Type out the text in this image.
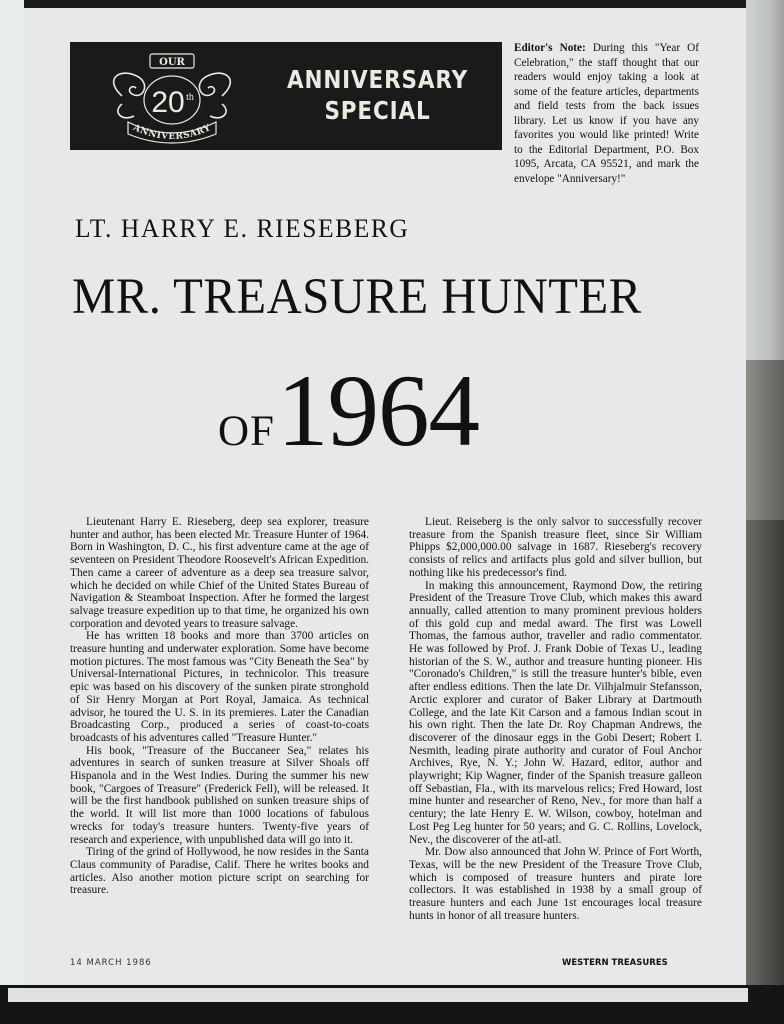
OUR
20 th
ANNIVERSARY
ANNIVERSARY
SPECIAL
Editor's Note: During this "Year Of Celebration," the staff thought that our readers would enjoy taking a look at some of the feature articles, departments and field tests from the back issues library. Let us know if you have any favorites you would like printed! Write to the Editorial Department, P.O. Box 1095, Arcata, CA 95521, and mark the envelope "Anniversary!"
LT. HARRY E. RIESEBERG
MR. TREASURE HUNTER
OF1964

Lieutenant Harry E. Rieseberg, deep sea explorer, treasure hunter and author, has been elected Mr. Treasure Hunter of 1964. Born in Washington, D. C., his first adventure came at the age of seventeen on President Theodore Roosevelt's African Expedition. Then came a career of adventure as a deep sea treasure salvor, which he decided on while Chief of the United States Bureau of Navigation & Steamboat Inspection. After he formed the largest salvage treasure expedition up to that time, he organized his own corporation and devoted years to treasure salvage.

He has written 18 books and more than 3700 articles on treasure hunting and underwater exploration. Some have become motion pictures. The most famous was "City Beneath the Sea" by Universal-International Pictures, in technicolor. This treasure epic was based on his discovery of the sunken pirate stronghold of Sir Henry Morgan at Port Royal, Jamaica. As technical advisor, he toured the U. S. in its premieres. Later the Canadian Broadcasting Corp., produced a series of coast-to-coats broadcasts of his adventures called "Treasure Hunter."

His book, "Treasure of the Buccaneer Sea," relates his adventures in search of sunken treasure at Silver Shoals off Hispanola and in the West Indies. During the summer his new book, "Cargoes of Treasure" (Frederick Fell), will be released. It will be the first handbook published on sunken treasure ships of the world. It will list more than 1000 locations of fabulous wrecks for today's treasure hunters. Twenty-five years of research and experience, with unpublished data will go into it.

Tiring of the grind of Hollywood, he now resides in the Santa Claus community of Paradise, Calif. There he writes books and articles. Also another motion picture script on searching for treasure.

Lieut. Reiseberg is the only salvor to successfully recover treasure from the Spanish treasure fleet, since Sir William Phipps $2,000,000.00 salvage in 1687. Rieseberg's recovery consists of relics and artifacts plus gold and silver bullion, but nothing like his predecessor's find.

In making this announcement, Raymond Dow, the retiring President of the Treasure Trove Club, which makes this award annually, called attention to many prominent previous holders of this gold cup and medal award. The first was Lowell Thomas, the famous author, traveller and radio commentator. He was followed by Prof. J. Frank Dobie of Texas U., leading historian of the S. W., author and treasure hunting pioneer. His "Coronado's Children," is still the treasure hunter's bible, even after endless editions. Then the late Dr. Vilhjalmuir Stefansson, Arctic explorer and curator of Baker Library at Dartmouth College, and the late Kit Carson and a famous Indian scout in his own right. Then the late Dr. Roy Chapman Andrews, the discoverer of the dinosaur eggs in the Gobi Desert; Robert I. Nesmith, leading pirate authority and curator of Foul Anchor Archives, Rye, N. Y.; John W. Hazard, editor, author and playwright; Kip Wagner, finder of the Spanish treasure galleon off Sebastian, Fla., with its marvelous relics; Fred Howard, lost mine hunter and researcher of Reno, Nev., for more than half a century; the late Henry E. W. Wilson, cowboy, hotelman and Lost Peg Leg hunter for 50 years; and G. C. Rollins, Lovelock, Nev., the discoverer of the atl-atl.

Mr. Dow also announced that John W. Prince of Fort Worth, Texas, will be the new President of the Treasure Trove Club, which is composed of treasure hunters and pirate lore collectors. It was established in 1938 by a small group of treasure hunters and each June 1st encourages local treasure hunts in honor of all treasure hunters.

14 MARCH 1986	WESTERN TREASURES
